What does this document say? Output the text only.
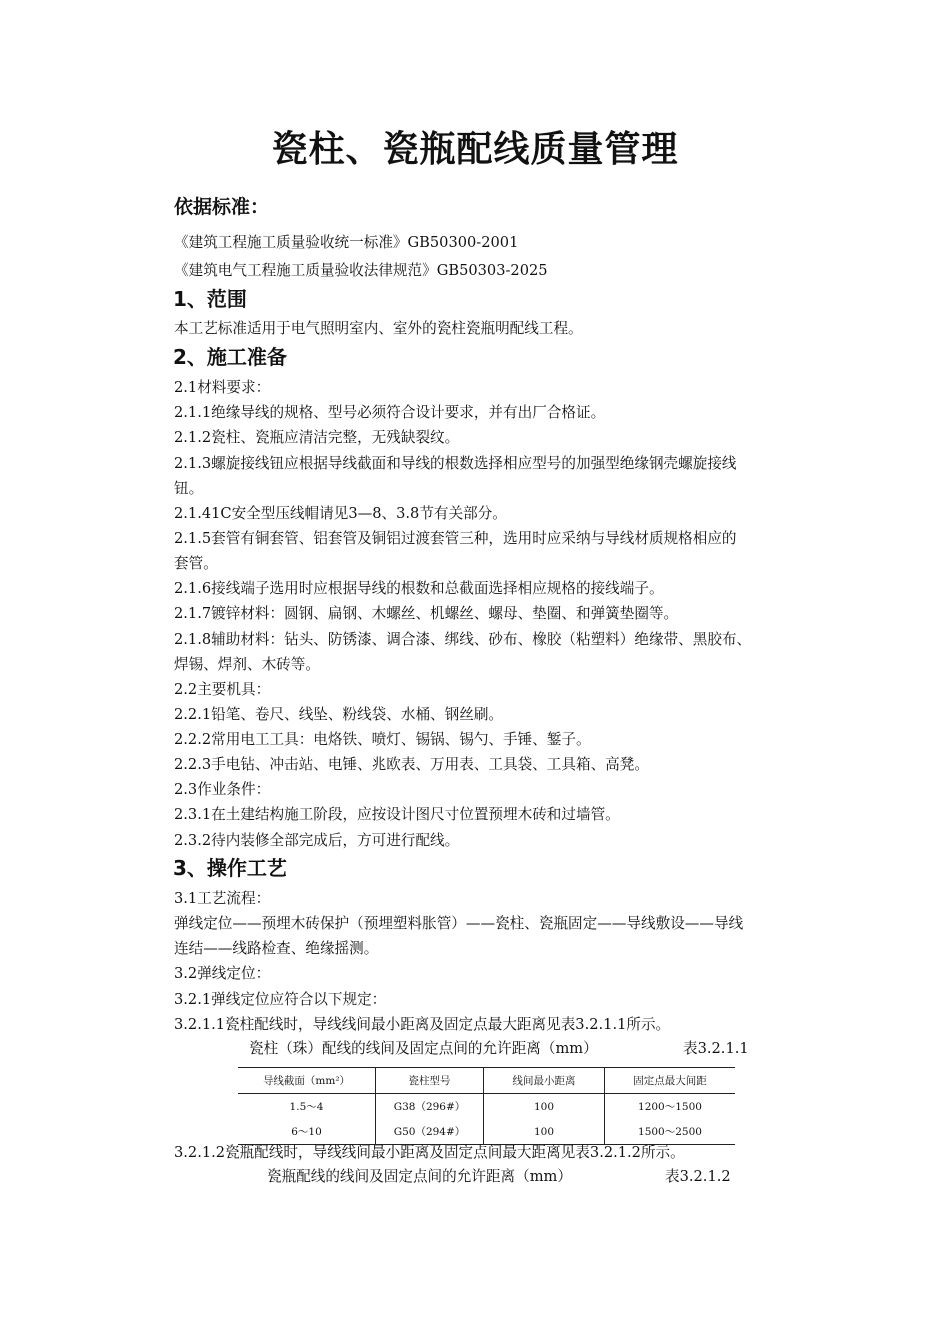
瓷柱、瓷瓶配线质量管理
依据标准：
《建筑工程施工质量验收统一标准》GB50300-2001
《建筑电气工程施工质量验收法律规范》GB50303-2025
1、范围
本工艺标准适用于电气照明室内、室外的瓷柱瓷瓶明配线工程。
2、施工准备
2.1材料要求：
2.1.1绝缘导线的规格、型号必须符合设计要求，并有出厂合格证。
2.1.2瓷柱、瓷瓶应清洁完整，无残缺裂纹。
2.1.3螺旋接线钮应根据导线截面和导线的根数选择相应型号的加强型绝缘钢壳螺旋接线
钮。
2.1.41C安全型压线帽请见3—8、3.8节有关部分。
2.1.5套管有铜套管、铝套管及铜铝过渡套管三种，选用时应采纳与导线材质规格相应的
套管。
2.1.6接线端子选用时应根据导线的根数和总截面选择相应规格的接线端子。
2.1.7镀锌材料：圆钢、扁钢、木螺丝、机螺丝、螺母、垫圈、和弹簧垫圈等。
2.1.8辅助材料：钻头、防锈漆、调合漆、绑线、砂布、橡胶（粘塑料）绝缘带、黑胶布、
焊锡、焊剂、木砖等。
2.2主要机具：
2.2.1铅笔、卷尺、线坠、粉线袋、水桶、钢丝刷。
2.2.2常用电工工具：电烙铁、喷灯、锡锅、锡勺、手锤、錾子。
2.2.3手电钻、冲击站、电锤、兆欧表、万用表、工具袋、工具箱、高凳。
2.3作业条件：
2.3.1在土建结构施工阶段，应按设计图尺寸位置预埋木砖和过墙管。
2.3.2待内装修全部完成后，方可进行配线。
3、操作工艺
3.1工艺流程：
弹线定位——预埋木砖保护（预埋塑料胀管）——瓷柱、瓷瓶固定——导线敷设——导线
连结——线路检查、绝缘摇测。
3.2弹线定位：
3.2.1弹线定位应符合以下规定：
3.2.1.1瓷柱配线时，导线线间最小距离及固定点最大距离见表3.2.1.1所示。
瓷柱（珠）配线的线间及固定点间的允许距离（mm）	表3.2.1.1
导线截面（mm²）	瓷柱型号	线间最小距离	固定点最大间距
1.5～4	G38（296#）	100	1200～1500
6～10	G50（294#）	100	1500～2500
3.2.1.2瓷瓶配线时，导线线间最小距离及固定点间最大距离见表3.2.1.2所示。
瓷瓶配线的线间及固定点间的允许距离（mm）	表3.2.1.2
